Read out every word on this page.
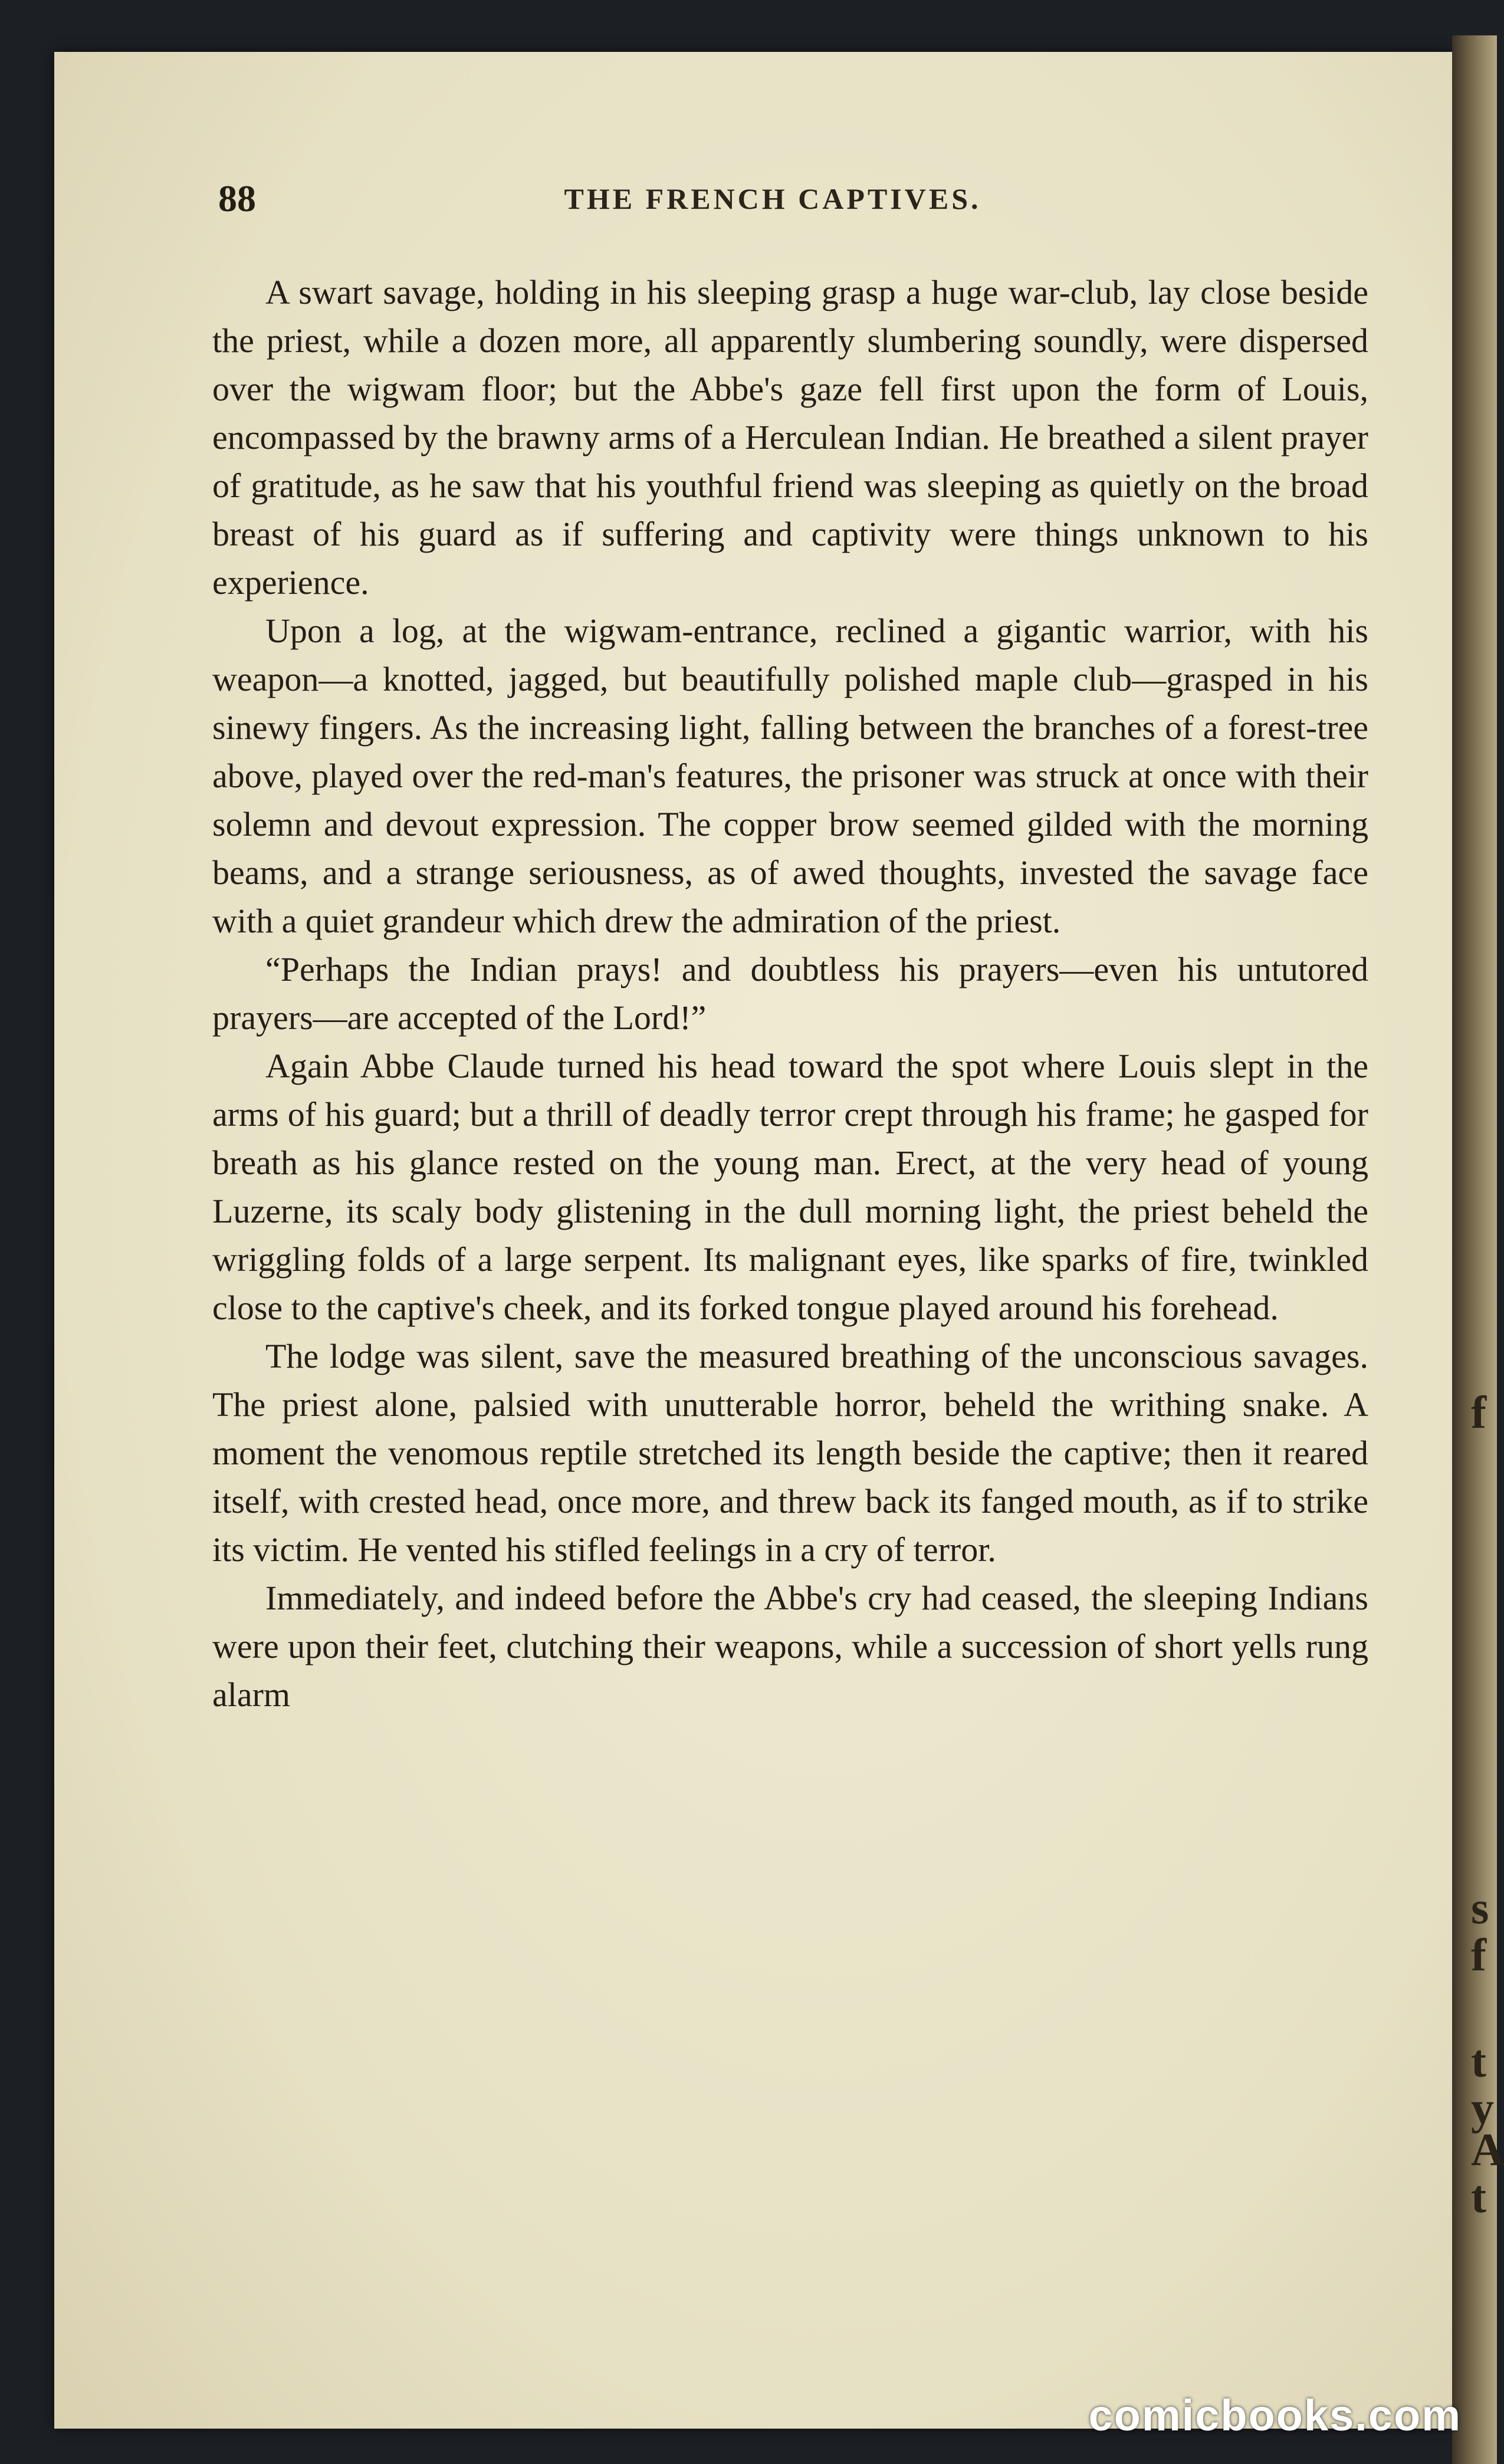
f
s
f
t
y
A
t
88	THE FRENCH CAPTIVES.

A swart savage, holding in his sleeping grasp a huge war-club, lay close beside the priest, while a dozen more, all apparently slumbering soundly, were dispersed over the wigwam floor; but the Abbe's gaze fell first upon the form of Louis, encompassed by the brawny arms of a Herculean Indian. He breathed a silent prayer of gratitude, as he saw that his youthful friend was sleeping as quietly on the broad breast of his guard as if suffering and captivity were things unknown to his experience.

Upon a log, at the wigwam-entrance, reclined a gigantic warrior, with his weapon—a knotted, jagged, but beautifully polished maple club—grasped in his sinewy fingers. As the increasing light, falling between the branches of a forest-tree above, played over the red-man's features, the prisoner was struck at once with their solemn and devout expression. The copper brow seemed gilded with the morning beams, and a strange seriousness, as of awed thoughts, invested the savage face with a quiet grandeur which drew the admiration of the priest.

“Perhaps the Indian prays! and doubtless his prayers—even his untutored prayers—are accepted of the Lord!”

Again Abbe Claude turned his head toward the spot where Louis slept in the arms of his guard; but a thrill of deadly terror crept through his frame; he gasped for breath as his glance rested on the young man. Erect, at the very head of young Luzerne, its scaly body glistening in the dull morning light, the priest beheld the wriggling folds of a large serpent. Its malignant eyes, like sparks of fire, twinkled close to the captive's cheek, and its forked tongue played around his forehead.

The lodge was silent, save the measured breathing of the unconscious savages. The priest alone, palsied with unutterable horror, beheld the writhing snake. A moment the venomous reptile stretched its length beside the captive; then it reared itself, with crested head, once more, and threw back its fanged mouth, as if to strike its victim. He vented his stifled feelings in a cry of terror.

Immediately, and indeed before the Abbe's cry had ceased, the sleeping Indians were upon their feet, clutching their weapons, while a succession of short yells rung alarm

comicbooks.com
